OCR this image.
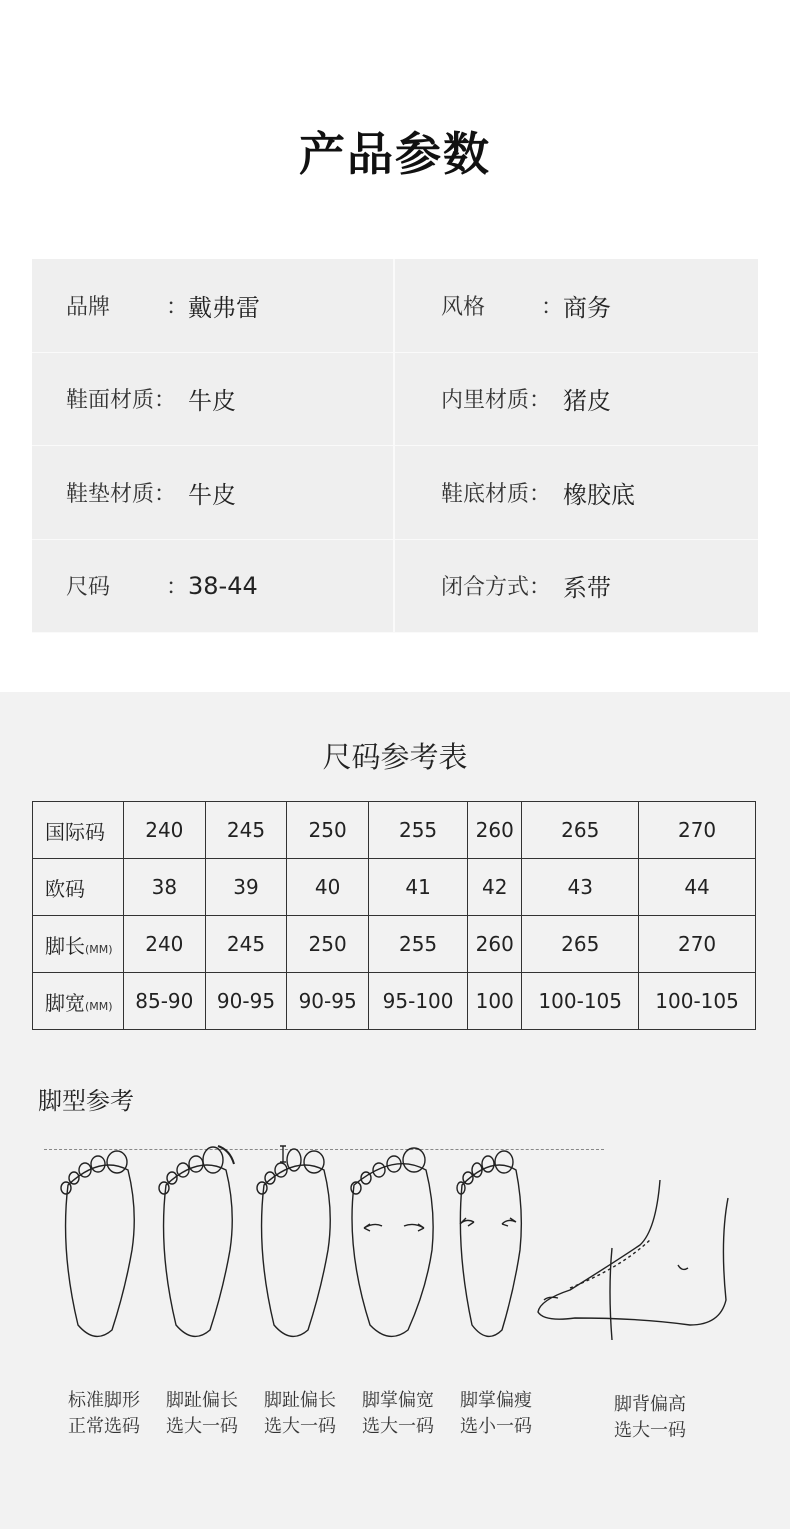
产品参数
品牌	： 戴弗雷	风格	： 商务
鞋面材质： 牛皮	内里材质： 猪皮
鞋垫材质： 牛皮	鞋底材质： 橡胶底
尺码	： 38-44	闭合方式： 系带
尺码参考表
国际码	240	245	250	255	260	265	270
欧码	38	39	40	41	42	43	44
脚长(MM)	240	245	250	255	260	265	270
脚宽(MM)	85-90	90-95	90-95	95-100	100	100-105	100-105
脚型参考
标准脚形
正常选码
脚趾偏长
选大一码
脚趾偏长
选大一码
脚掌偏宽
选大一码
脚掌偏瘦
选小一码
脚背偏高
选大一码
